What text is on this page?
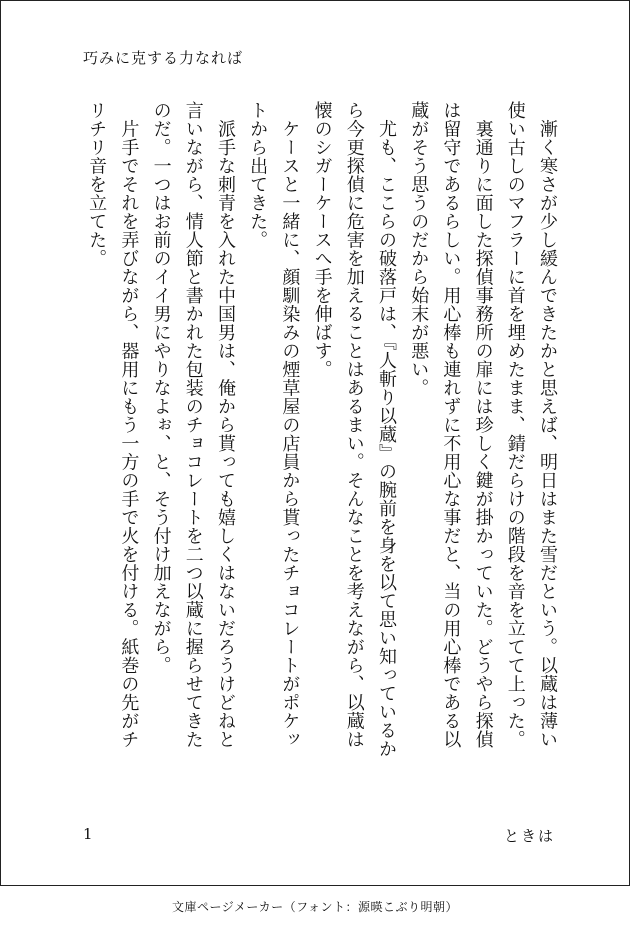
巧みに克する力なれば

　漸く寒さが少し緩んできたかと思えば、明日はまた雪だという。以蔵は薄い使い古しのマフラーに首を埋めたまま、錆だらけの階段を音を立てて上った。

　裏通りに面した探偵事務所の扉には珍しく鍵が掛かっていた。どうやら探偵は留守であるらしい。用心棒も連れずに不用心な事だと、当の用心棒である以蔵がそう思うのだから始末が悪い。

　尤も、ここらの破落戸は、『人斬り以蔵』の腕前を身を以て思い知っているから今更探偵に危害を加えることはあるまい。そんなことを考えながら、以蔵は懐のシガーケースへ手を伸ばす。

　ケースと一緒に、顔馴染みの煙草屋の店員から貰ったチョコレートがポケットから出てきた。

　派手な刺青を入れた中国男は、俺から貰っても嬉しくはないだろうけどねと言いながら、情人節と書かれた包装のチョコレートを二つ以蔵に握らせてきたのだ。一つはお前のイイ男にやりなよぉ、と、そう付け加えながら。

　片手でそれを弄びながら、器用にもう一方の手で火を付ける。紙巻の先がチリチリ音を立てた。

1	ときは
文庫ページメーカー（フォント：源暎こぶり明朝）
